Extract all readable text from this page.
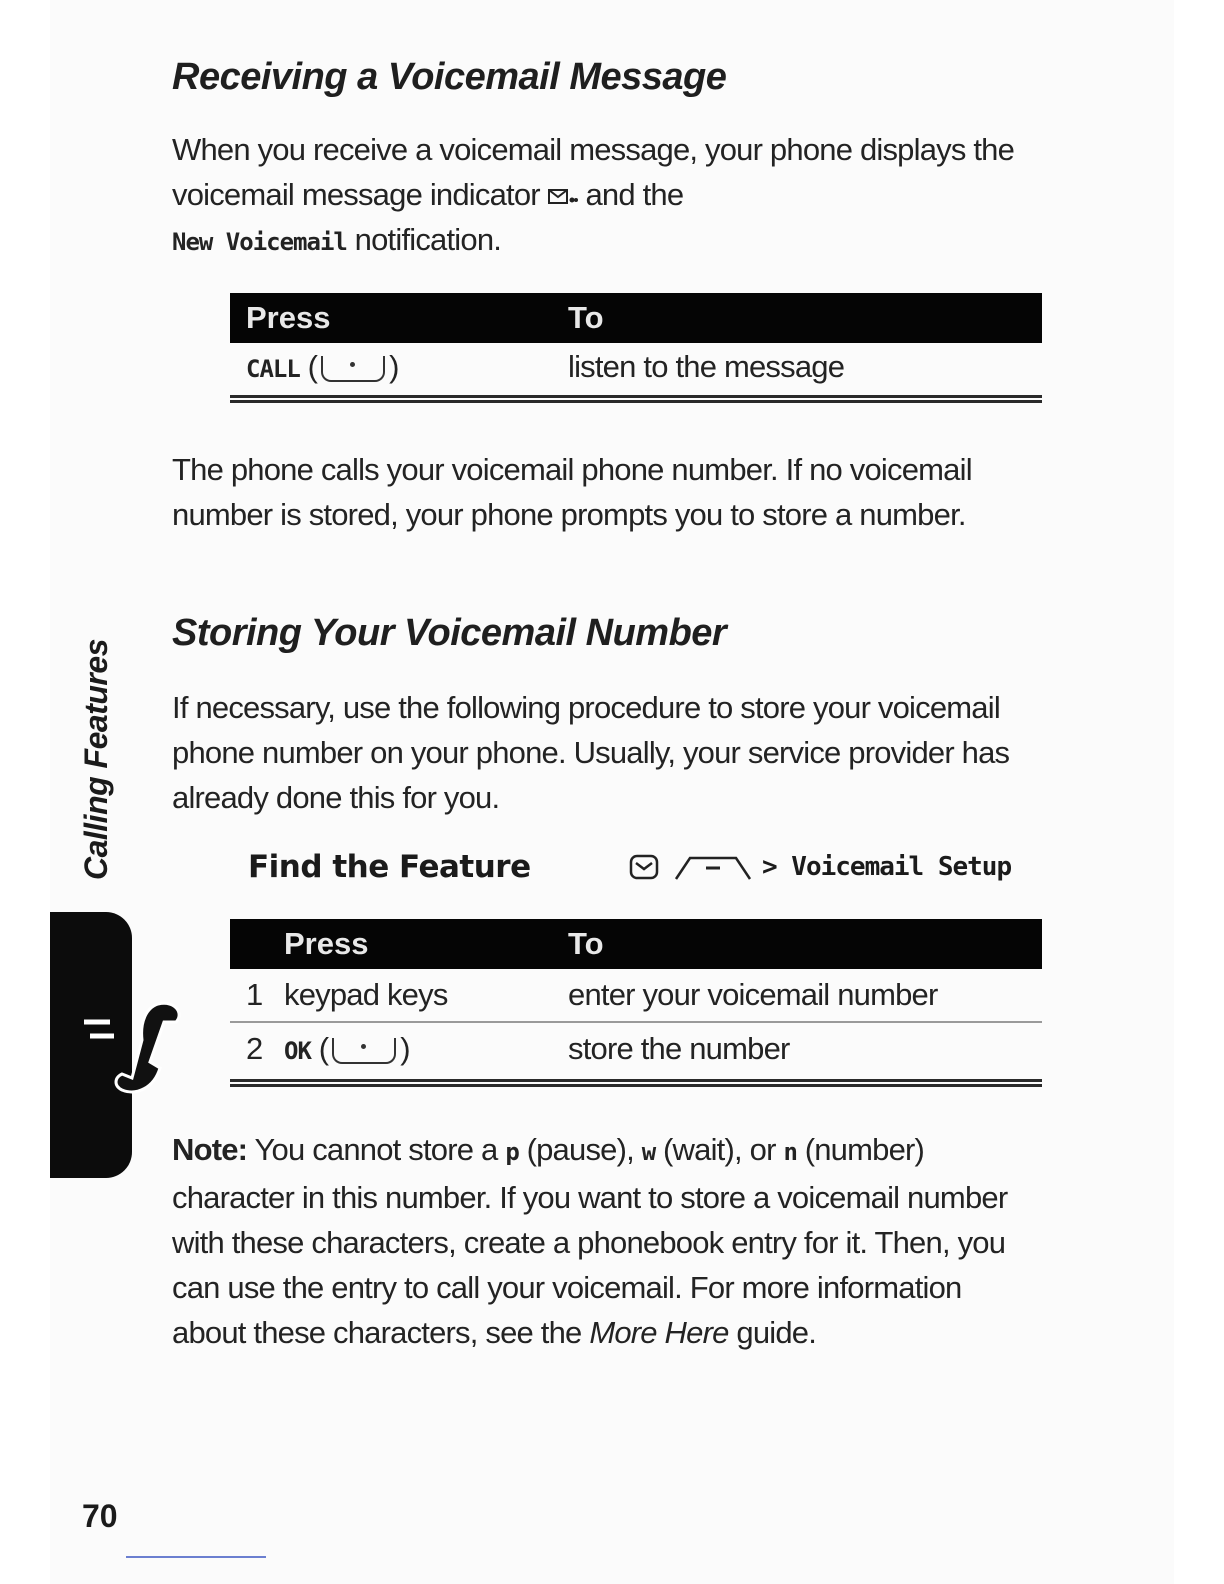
Receiving a Voicemail Message

When you receive a voicemail message, your phone displays the voicemail message indicator and the
New Voicemail notification.

Press	To
CALL ( )	listen to the message

The phone calls your voicemail phone number. If no voicemail number is stored, your phone prompts you to store a number.

Storing Your Voicemail Number

If necessary, use the following procedure to store your voicemail phone number on your phone. Usually, your service provider has already done this for you.

Find the Feature	> Voicemail Setup
Press	To
1 keypad keys	enter your voicemail number
2 OK ( )	store the number

Note: You cannot store a p (pause), w (wait), or n (number) character in this number. If you want to store a voicemail number with these characters, create a phonebook entry for it. Then, you can use the entry to call your voicemail. For more information about these characters, see the More Here guide.

Calling Features
70
